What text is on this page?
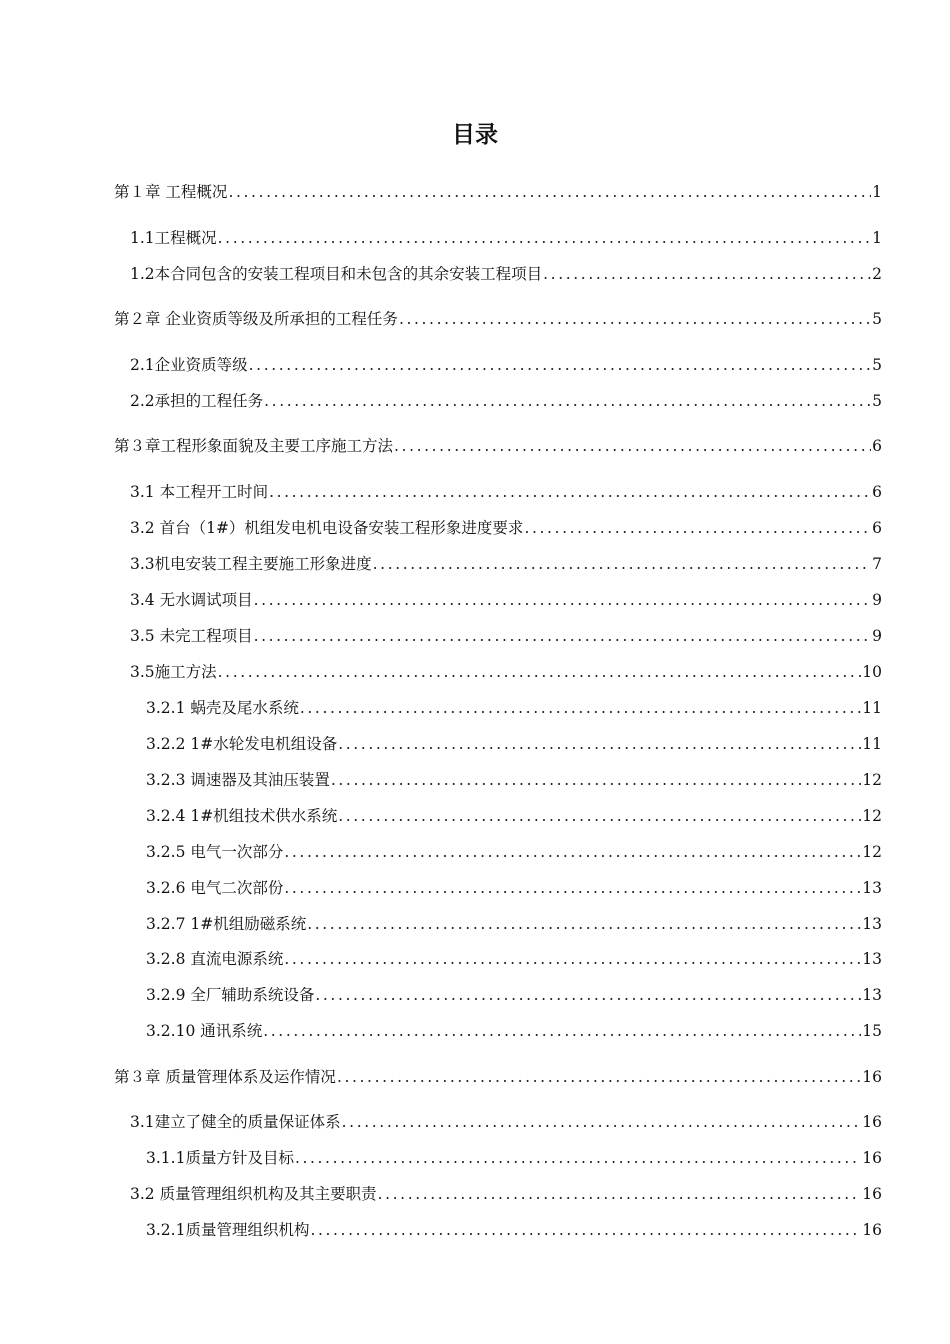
目录
第１章 工程概况 .....	1
1.1工程概况 .....	1
1.2本合同包含的安装工程项目和未包含的其余安装工程项目 .....	2
第２章 企业资质等级及所承担的工程任务 .....	5
2.1企业资质等级 .....	5
2.2承担的工程任务 .....	5
第３章工程形象面貌及主要工序施工方法 .....	6
3.1 本工程开工时间 .....	6
3.2 首台（1#）机组发电机电设备安装工程形象进度要求 .....	6
3.3机电安装工程主要施工形象进度 .....	7
3.4 无水调试项目 .....	9
3.5 未完工程项目 .....	9
3.5施工方法 .....	10
3.2.1 蜗壳及尾水系统 .....	11
3.2.2 1#水轮发电机组设备 .....	11
3.2.3 调速器及其油压装置 .....	12
3.2.4 1#机组技术供水系统 .....	12
3.2.5 电气一次部分 .....	12
3.2.6 电气二次部份 .....	13
3.2.7 1#机组励磁系统 .....	13
3.2.8 直流电源系统 .....	13
3.2.9 全厂辅助系统设备 .....	13
3.2.10 通讯系统 .....	15
第３章 质量管理体系及运作情况 .....	16
3.1建立了健全的质量保证体系 .....	16
3.1.1质量方针及目标 .....	16
3.2 质量管理组织机构及其主要职责 .....	16
3.2.1质量管理组织机构 .....	16
